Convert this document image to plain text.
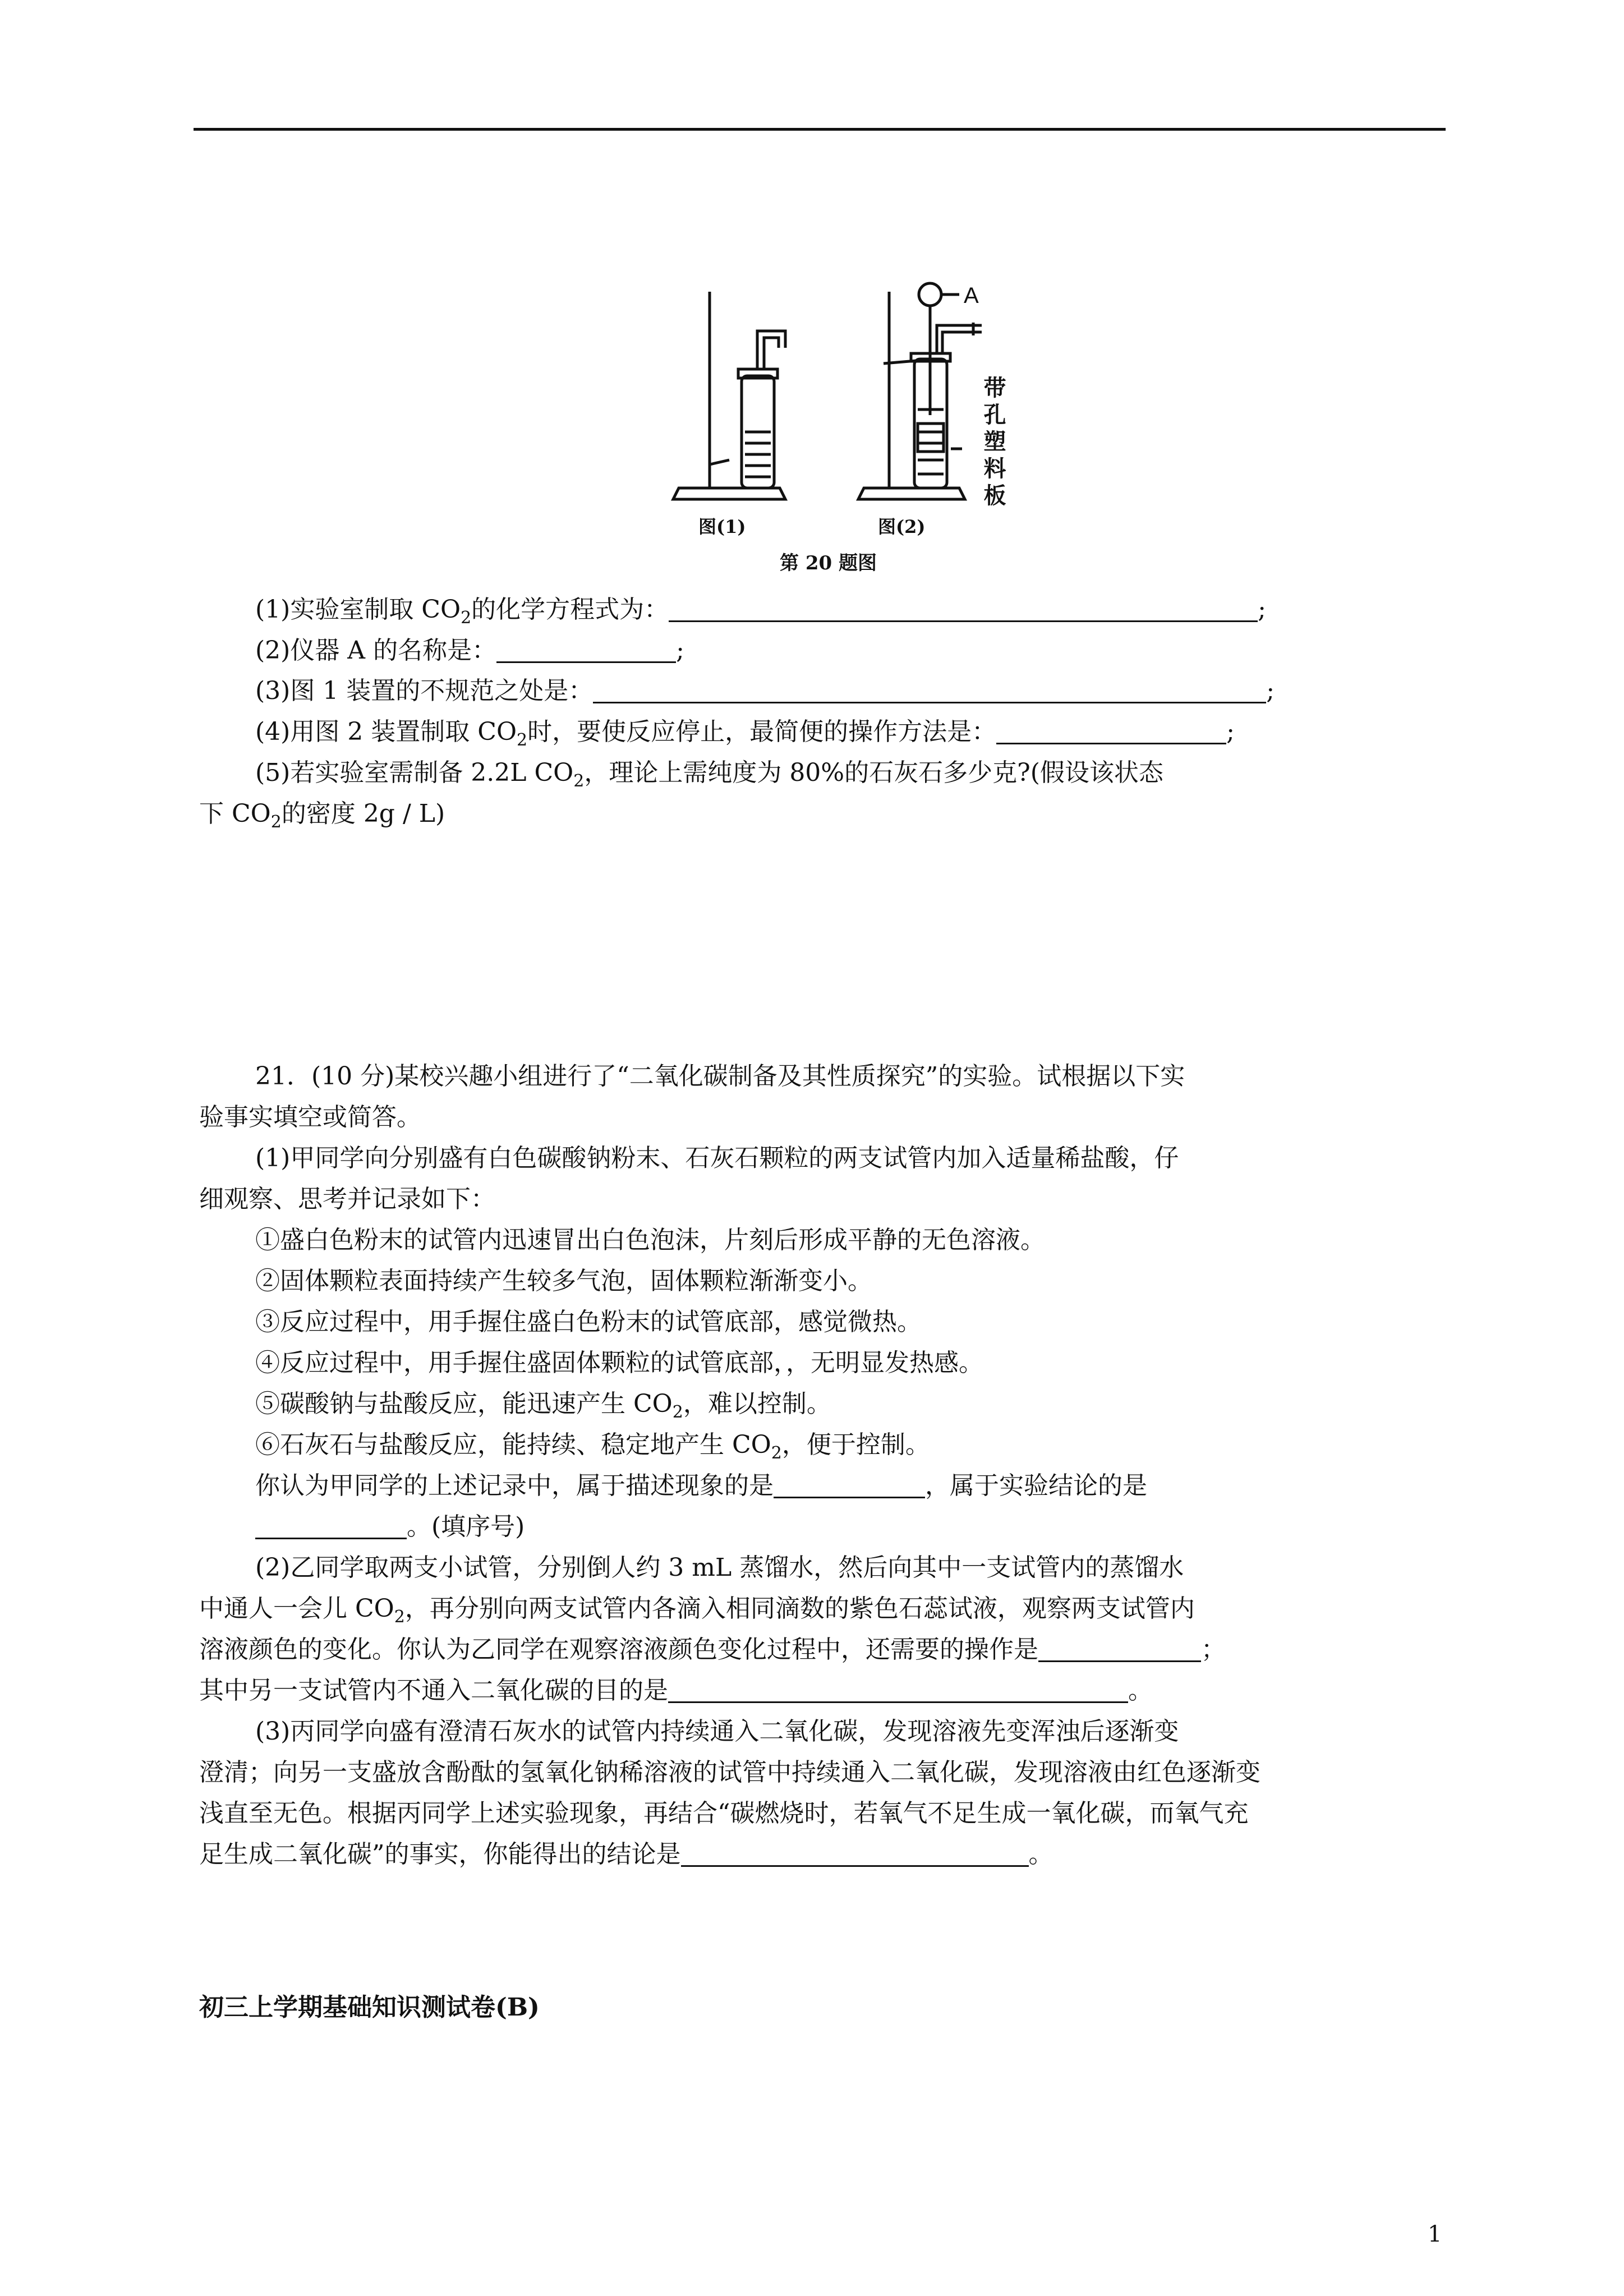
A
带孔塑料板
图(1)	图(2)
第 20 题图
(1)实验室制取 $CO_2$的化学方程式为：	;
(2)仪器 A 的名称是：	;
(3)图 1 装置的不规范之处是：	;
(4)用图 2 装置制取 $CO_2$时，要使反应停止，最简便的操作方法是：	;
(5)若实验室需制备 2.2L $CO_2$，理论上需纯度为 80%的石灰石多少克?(假设该状态
下 $CO_2$的密度 2g / L)
21．(10 分)某校兴趣小组进行了“二氧化碳制备及其性质探究”的实验。试根据以下实
验事实填空或简答。
(1)甲同学向分别盛有白色碳酸钠粉末、石灰石颗粒的两支试管内加入适量稀盐酸，仔
细观察、思考并记录如下：
①盛白色粉末的试管内迅速冒出白色泡沫，片刻后形成平静的无色溶液。
②固体颗粒表面持续产生较多气泡，固体颗粒渐渐变小。
③反应过程中，用手握住盛白色粉末的试管底部，感觉微热。
④反应过程中，用手握住盛固体颗粒的试管底部，，无明显发热感。
⑤碳酸钠与盐酸反应，能迅速产生 $CO_2$，难以控制。
⑥石灰石与盐酸反应，能持续、稳定地产生 $CO_2$，便于控制。
你认为甲同学的上述记录中，属于描述现象的是	，属于实验结论的是
。(填序号)
(2)乙同学取两支小试管，分别倒人约 3 mL 蒸馏水，然后向其中一支试管内的蒸馏水
中通人一会儿 $CO_2$，再分别向两支试管内各滴入相同滴数的紫色石蕊试液，观察两支试管内
溶液颜色的变化。你认为乙同学在观察溶液颜色变化过程中，还需要的操作是	；
其中另一支试管内不通入二氧化碳的目的是	。
(3)丙同学向盛有澄清石灰水的试管内持续通入二氧化碳，发现溶液先变浑浊后逐渐变
澄清；向另一支盛放含酚酞的氢氧化钠稀溶液的试管中持续通入二氧化碳，发现溶液由红色逐渐变
浅直至无色。根据丙同学上述实验现象，再结合“碳燃烧时，若氧气不足生成一氧化碳，而氧气充
足生成二氧化碳”的事实，你能得出的结论是	。
初三上学期基础知识测试卷(B)
1
